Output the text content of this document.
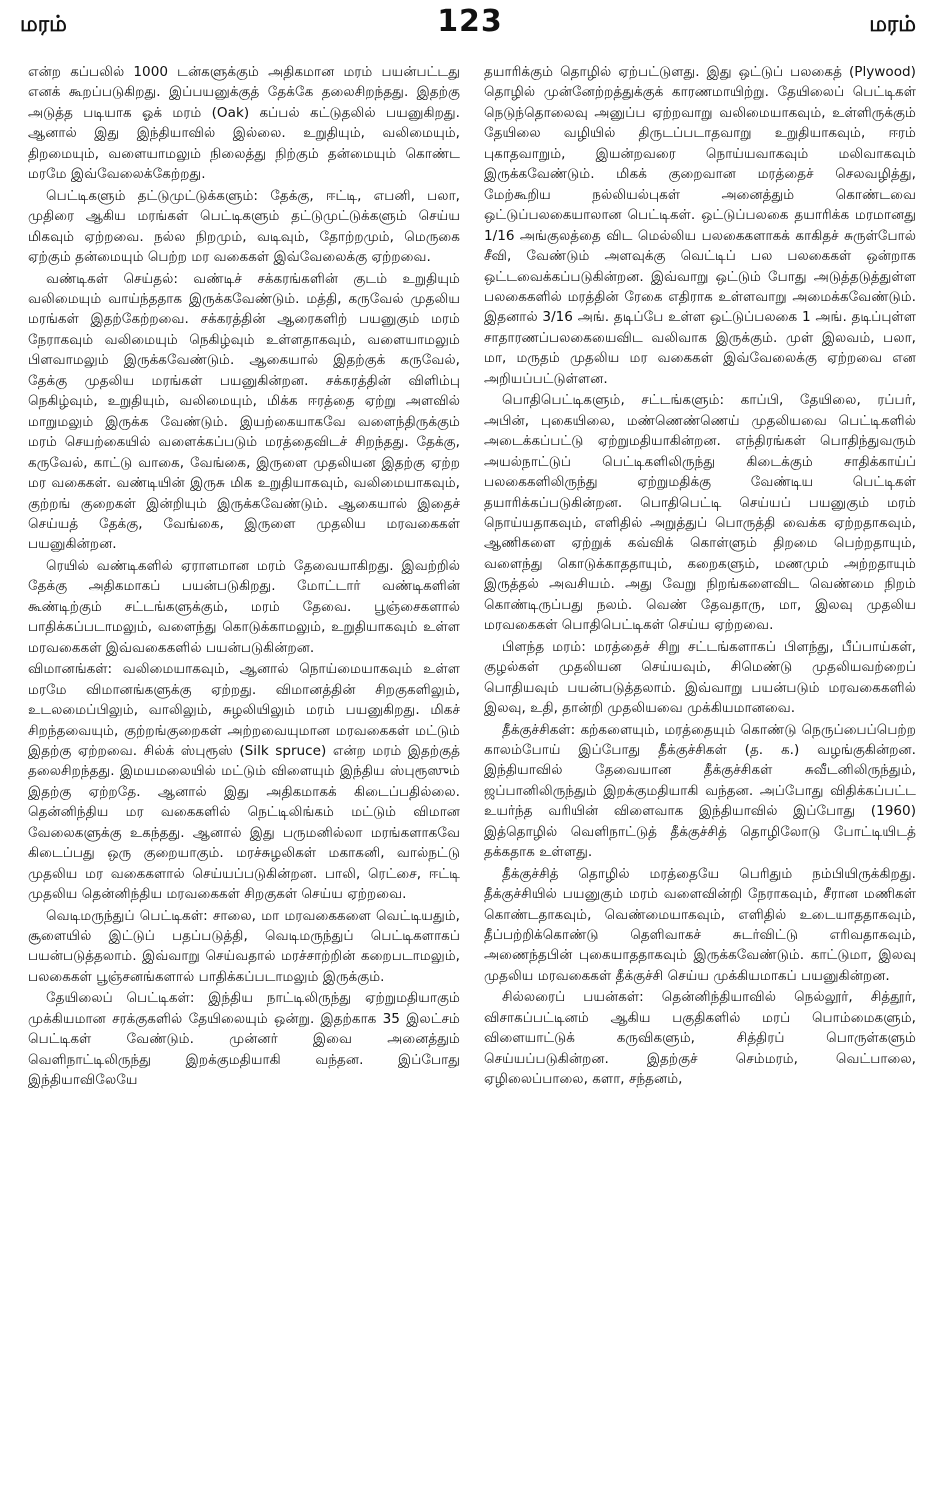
மரம்	123	மரம்

என்ற கப்பலில் 1000 டன்களுக்கும் அதிகமான மரம் பயன்பட்டது எனக் கூறப்படுகிறது. இப்பயனுக்குத் தேக்கே தலைசிறந்தது. இதற்கு அடுத்த படியாக ஓக் மரம் (Oak) கப்பல் கட்டுதலில் பயனுகிறது. ஆனால் இது இந்தியாவில் இல்லை. உறுதியும், வலிமையும், திறமையும், வளையாமலும் நிலைத்து நிற்கும் தன்மையும் கொண்ட மரமே இவ்வேலைக்கேற்றது.

பெட்டிகளும் தட்டுமுட்டுக்களும்: தேக்கு, ஈட்டி, எபனி, பலா, முதிரை ஆகிய மரங்கள் பெட்டிகளும் தட்டுமுட்டுக்களும் செய்ய மிகவும் ஏற்றவை. நல்ல நிறமும், வடிவும், தோற்றமும், மெருகை ஏற்கும் தன்மையும் பெற்ற மர வகைகள் இவ்வேலைக்கு ஏற்றவை.

வண்டிகள் செய்தல்: வண்டிச் சக்கரங்களின் குடம் உறுதியும் வலிமையும் வாய்ந்ததாக இருக்கவேண்டும். மத்தி, கருவேல் முதலிய மரங்கள் இதற்கேற்றவை. சக்கரத்தின் ஆரைகளிற் பயனுகும் மரம் நேராகவும் வலிமையும் நெகிழ்வும் உள்ளதாகவும், வளையாமலும் பிளவாமலும் இருக்கவேண்டும். ஆகையால் இதற்குக் கருவேல், தேக்கு முதலிய மரங்கள் பயனுகின்றன. சக்கரத்தின் விளிம்பு நெகிழ்வும், உறுதியும், வலிமையும், மிக்க ஈரத்தை ஏற்று அளவில் மாறுமலும் இருக்க வேண்டும். இயற்கையாகவே வளைந்திருக்கும் மரம் செயற்கையில் வளைக்கப்படும் மரத்தைவிடச் சிறந்தது. தேக்கு, கருவேல், காட்டு வாகை, வேங்கை, இருளை முதலியன இதற்கு ஏற்ற மர வகைகள். வண்டியின் இருசு மிக உறுதியாகவும், வலிமையாகவும், குற்றங் குறைகள் இன்றியும் இருக்கவேண்டும். ஆகையால் இதைச் செய்யத் தேக்கு, வேங்கை, இருளை முதலிய மரவகைகள் பயனுகின்றன.

ரெயில் வண்டிகளில் ஏராளமான மரம் தேவையாகிறது. இவற்றில் தேக்கு அதிகமாகப் பயன்படுகிறது. மோட்டார் வண்டிகளின் கூண்டிற்கும் சட்டங்களுக்கும், மரம் தேவை. பூஞ்சைகளால் பாதிக்கப்படாமலும், வளைந்து கொடுக்காமலும், உறுதியாகவும் உள்ள மரவகைகள் இவ்வகைகளில் பயன்படுகின்றன.

விமானங்கள்: வலிமையாகவும், ஆனால் நொய்மையாகவும் உள்ள மரமே விமானங்களுக்கு ஏற்றது. விமானத்தின் சிறகுகளிலும், உடலமைப்பிலும், வாலிலும், சுழலியிலும் மரம் பயனுகிறது. மிகச் சிறந்தவையும், குற்றங்குறைகள் அற்றவையுமான மரவகைகள் மட்டும் இதற்கு ஏற்றவை. சில்க் ஸ்புரூஸ் (Silk spruce) என்ற மரம் இதற்குத் தலைசிறந்தது. இமயமலையில் மட்டும் விளையும் இந்திய ஸ்புரூஸும் இதற்கு ஏற்றதே. ஆனால் இது அதிகமாகக் கிடைப்பதில்லை. தென்னிந்திய மர வகைகளில் நெட்டிலிங்கம் மட்டும் விமான வேலைகளுக்கு உகந்தது. ஆனால் இது பருமனில்லா மரங்களாகவே கிடைப்பது ஒரு குறையாகும். மரச்சுழலிகள் மகாகனி, வால்நட்டு முதலிய மர வகைகளால் செய்யப்படுகின்றன. பாலி, ரெட்சை, ஈட்டி முதலிய தென்னிந்திய மரவகைகள் சிறகுகள் செய்ய ஏற்றவை.

வெடிமருந்துப் பெட்டிகள்: சாலை, மா மரவகைகளை வெட்டியதும், சூளையில் இட்டுப் பதப்படுத்தி, வெடிமருந்துப் பெட்டிகளாகப் பயன்படுத்தலாம். இவ்வாறு செய்வதால் மரச்சாற்றின் கறைபடாமலும், பலகைகள் பூஞ்சனங்களால் பாதிக்கப்படாமலும் இருக்கும்.

தேயிலைப் பெட்டிகள்: இந்திய நாட்டிலிருந்து ஏற்றுமதியாகும் முக்கியமான சரக்குகளில் தேயிலையும் ஒன்று. இதற்காக 35 இலட்சம் பெட்டிகள் வேண்டும். முன்னர் இவை அனைத்தும் வெளிநாட்டிலிருந்து இறக்குமதியாகி வந்தன. இப்போது இந்தியாவிலேயே

தயாரிக்கும் தொழில் ஏற்பட்டுளது. இது ஒட்டுப் பலகைத் (Plywood) தொழில் முன்னேற்றத்துக்குக் காரணமாயிற்று. தேயிலைப் பெட்டிகள் நெடுந்தொலைவு அனுப்ப ஏற்றவாறு வலிமையாகவும், உள்ளிருக்கும் தேயிலை வழியில் திருடப்படாதவாறு உறுதியாகவும், ஈரம் புகாதவாறும், இயன்றவரை நொய்யவாகவும் மலிவாகவும் இருக்கவேண்டும். மிகக் குறைவான மரத்தைச் செலவழித்து, மேற்கூறிய நல்லியல்புகள் அனைத்தும் கொண்டவை ஒட்டுப்பலகையாலான பெட்டிகள். ஒட்டுப்பலகை தயாரிக்க மரமானது 1/16 அங்குலத்தை விட மெல்லிய பலகைகளாகக் காகிதச் சுருள்போல் சீவி, வேண்டும் அளவுக்கு வெட்டிப் பல பலகைகள் ஒன்றாக ஒட்டவைக்கப்படுகின்றன. இவ்வாறு ஒட்டும் போது அடுத்தடுத்துள்ள பலகைகளில் மரத்தின் ரேகை எதிராக உள்ளவாறு அமைக்கவேண்டும். இதனால் 3/16 அங். தடிப்பே உள்ள ஒட்டுப்பலகை 1 அங். தடிப்புள்ள சாதாரணப்பலகையைவிட வலிவாக இருக்கும். முள் இலவம், பலா, மா, மருதம் முதலிய மர வகைகள் இவ்வேலைக்கு ஏற்றவை என அறியப்பட்டுள்ளன.

பொதிபெட்டிகளும், சட்டங்களும்: காப்பி, தேயிலை, ரப்பர், அபின், புகையிலை, மண்ணெண்ணெய் முதலியவை பெட்டிகளில் அடைக்கப்பட்டு ஏற்றுமதியாகின்றன. எந்திரங்கள் பொதிந்துவரும் அயல்நாட்டுப் பெட்டிகளிலிருந்து கிடைக்கும் சாதிக்காய்ப் பலகைகளிலிருந்து ஏற்றுமதிக்கு வேண்டிய பெட்டிகள் தயாரிக்கப்படுகின்றன. பொதிபெட்டி செய்யப் பயனுகும் மரம் நொய்யதாகவும், எளிதில் அறுத்துப் பொருத்தி வைக்க ஏற்றதாகவும், ஆணிகளை ஏற்றுக் கவ்விக் கொள்ளும் திறமை பெற்றதாயும், வளைந்து கொடுக்காததாயும், கறைகளும், மணமும் அற்றதாயும் இருத்தல் அவசியம். அது வேறு நிறங்களைவிட வெண்மை நிறம் கொண்டிருப்பது நலம். வெண் தேவதாரு, மா, இலவு முதலிய மரவகைகள் பொதிபெட்டிகள் செய்ய ஏற்றவை.

பிளந்த மரம்: மரத்தைச் சிறு சட்டங்களாகப் பிளந்து, பீப்பாய்கள், குழல்கள் முதலியன செய்யவும், சிமெண்டு முதலியவற்றைப் பொதியவும் பயன்படுத்தலாம். இவ்வாறு பயன்படும் மரவகைகளில் இலவு, உதி, தான்றி முதலியவை முக்கியமானவை.

தீக்குச்சிகள்: கற்களையும், மரத்தையும் கொண்டு நெருப்பைப்பெற்ற காலம்போய் இப்போது தீக்குச்சிகள் (த. க.) வழங்குகின்றன. இந்தியாவில் தேவையான தீக்குச்சிகள் சுவீடனிலிருந்தும், ஜப்பானிலிருந்தும் இறக்குமதியாகி வந்தன. அப்போது விதிக்கப்பட்ட உயர்ந்த வரியின் விளைவாக இந்தியாவில் இப்போது (1960) இத்தொழில் வெளிநாட்டுத் தீக்குச்சித் தொழிலோடு போட்டியிடத் தக்கதாக உள்ளது.

தீக்குச்சித் தொழில் மரத்தையே பெரிதும் நம்பியிருக்கிறது. தீக்குச்சியில் பயனுகும் மரம் வளைவின்றி நேராகவும், சீரான மணிகள் கொண்டதாகவும், வெண்மையாகவும், எளிதில் உடையாததாகவும், தீப்பற்றிக்கொண்டு தெளிவாகச் சுடர்விட்டு எரிவதாகவும், அணைந்தபின் புகையாததாகவும் இருக்கவேண்டும். காட்டுமா, இலவு முதலிய மரவகைகள் தீக்குச்சி செய்ய முக்கியமாகப் பயனுகின்றன.

சில்லரைப் பயன்கள்: தென்னிந்தியாவில் நெல்லூர், சித்தூர், விசாகப்பட்டினம் ஆகிய பகுதிகளில் மரப் பொம்மைகளும், விளையாட்டுக் கருவிகளும், சித்திரப் பொருள்களும் செய்யப்படுகின்றன. இதற்குச் செம்மரம், வெட்பாலை, ஏழிலைப்பாலை, களா, சந்தனம்,
